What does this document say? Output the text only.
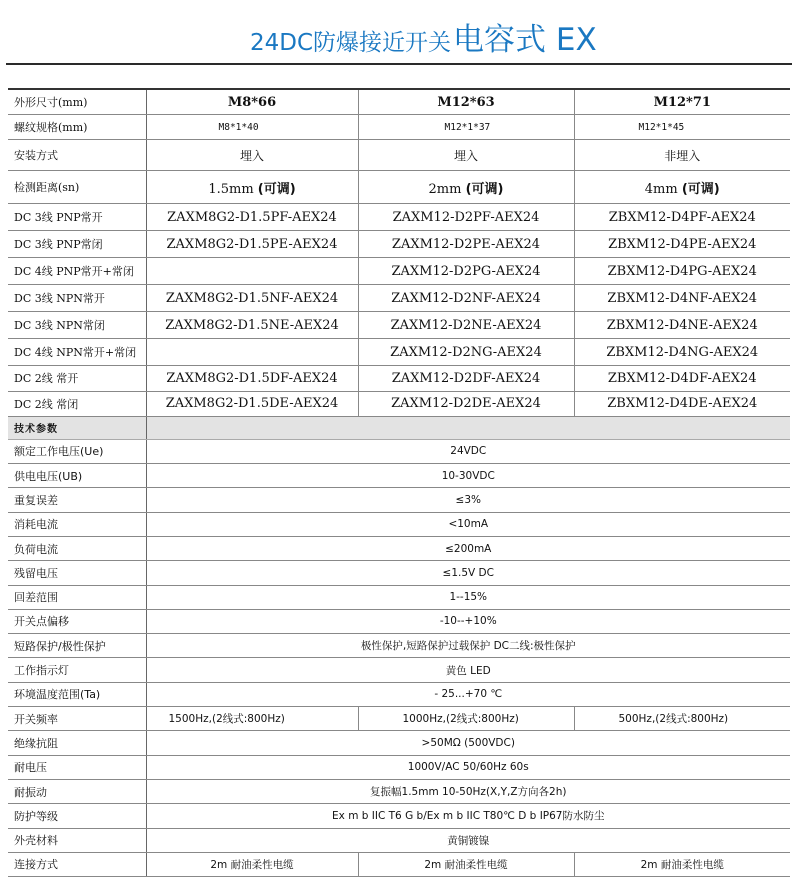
24DC防爆接近开关电容式 EX
外形尺寸(mm)	M8*66	M12*63	M12*71
螺纹规格(mm)	M8*1*40	M12*1*37	M12*1*45
安装方式	埋入	埋入	非埋入
检测距离(sn)	1.5mm (可调)	2mm (可调)	4mm (可调)
DC 3线 PNP常开	ZAXM8G2-D1.5PF-AEX24	ZAXM12-D2PF-AEX24	ZBXM12-D4PF-AEX24
DC 3线 PNP常闭	ZAXM8G2-D1.5PE-AEX24	ZAXM12-D2PE-AEX24	ZBXM12-D4PE-AEX24
DC 4线 PNP常开+常闭		ZAXM12-D2PG-AEX24	ZBXM12-D4PG-AEX24
DC 3线 NPN常开	ZAXM8G2-D1.5NF-AEX24	ZAXM12-D2NF-AEX24	ZBXM12-D4NF-AEX24
DC 3线 NPN常闭	ZAXM8G2-D1.5NE-AEX24	ZAXM12-D2NE-AEX24	ZBXM12-D4NE-AEX24
DC 4线 NPN常开+常闭		ZAXM12-D2NG-AEX24	ZBXM12-D4NG-AEX24
DC 2线 常开	ZAXM8G2-D1.5DF-AEX24	ZAXM12-D2DF-AEX24	ZBXM12-D4DF-AEX24
DC 2线 常闭	ZAXM8G2-D1.5DE-AEX24	ZAXM12-D2DE-AEX24	ZBXM12-D4DE-AEX24
技术参数			
额定工作电压(Ue)	24VDC		
供电电压(UB)	10-30VDC		
重复误差	≤3%		
消耗电流	<10mA		
负荷电流	≤200mA		
残留电压	≤1.5V DC		
回差范围	1--15%		
开关点偏移	-10--+10%		
短路保护/极性保护	极性保护,短路保护过载保护 DC二线:极性保护		
工作指示灯	黄色 LED		
环境温度范围(Ta)	- 25...+70 ℃		
开关频率	1500Hz,(2线式:800Hz)	1000Hz,(2线式:800Hz)	500Hz,(2线式:800Hz)
绝缘抗阻	>50MΩ (500VDC)		
耐电压	1000V/AC 50/60Hz 60s		
耐振动	复振幅1.5mm 10-50Hz(X,Y,Z方向各2h)		
防护等级	Ex m b IIC T6 G b/Ex m b IIC T80℃ D b IP67防水防尘		
外壳材料	黄铜镀镍		
连接方式	2m 耐油柔性电缆	2m 耐油柔性电缆	2m 耐油柔性电缆
